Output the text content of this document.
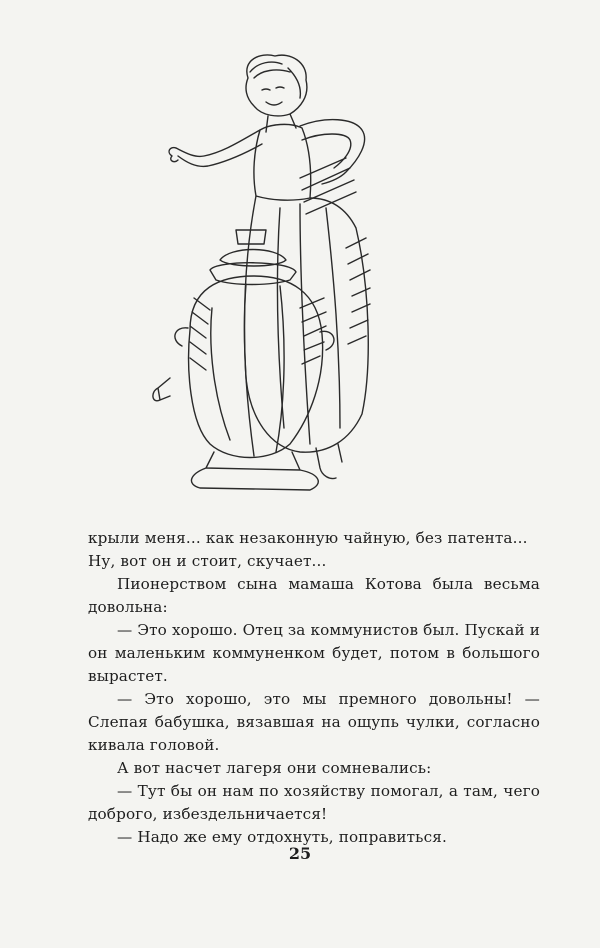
крыли меня... как незаконную чайную, без патента...

Ну, вот он и стоит, скучает...

Пионерством сына мамаша Котова была весьма довольна:

— Это хорошо. Отец за коммунистов был. Пускай и он маленьким коммуненком будет, потом в большого вырастет.

— Это хорошо, это мы премного довольны! — Слепая бабушка, вязавшая на ощупь чулки, согласно кивала головой.

А вот насчет лагеря они сомневались:

— Тут бы он нам по хозяйству помогал, а там, чего доброго, избездельничается!

— Надо же ему отдохнуть, поправиться.

25
